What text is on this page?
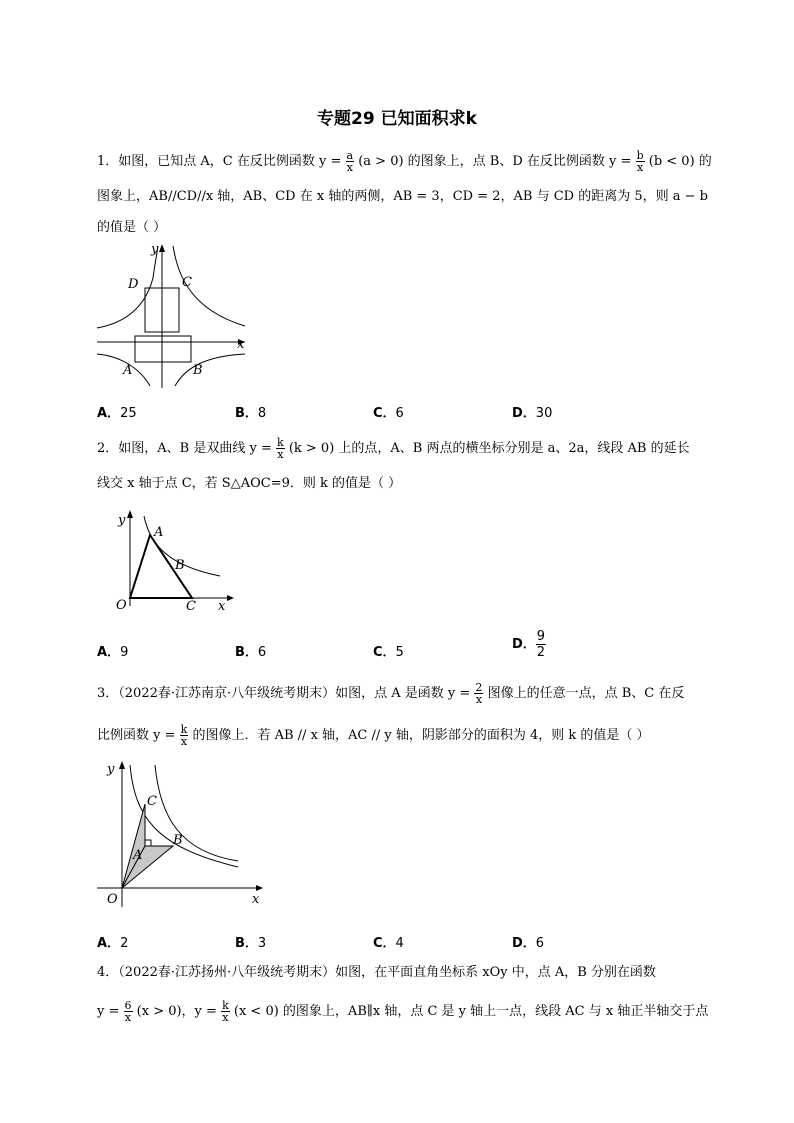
专题29 已知面积求k
1．如图，已知点 A，C 在反比例函数 $y = \frac{a}{x} (a > 0)$ 的图象上，点 B、D 在反比例函数 $y = \frac{b}{x} (b < 0)$ 的
图象上，AB//CD//x 轴，AB、CD 在 x 轴的两侧，AB = 3，CD = 2，AB 与 CD 的距离为 5，则 a − b
的值是（ ）
D	C
A	B
x
y
A．25	B．8	C．6	D．30
2．如图，A、B 是双曲线 $y = \frac{k}{x} (k > 0)$ 上的点，A、B 两点的横坐标分别是 a、2a，线段 AB 的延长
线交 x 轴于点 C，若 S△AOC=9．则 k 的值是（ ）
A
B
O	C x
y
A．9	B．6	C．5
D． $\frac{9}{2}$
3．（2022春·江苏南京·八年级统考期末）如图，点 A 是函数 $y = \frac{2}{x}$ 图像上的任意一点，点 B、C 在反
比例函数 $y = \frac{k}{x}$ 的图像上．若 AB // x 轴，AC // y 轴，阴影部分的面积为 4，则 k 的值是（ ）
C
B
A
O	x
y
A．2	B．3	C．4	D．6
4．（2022春·江苏扬州·八年级统考期末）如图，在平面直角坐标系 xOy 中，点 A，B 分别在函数
$y = \frac{6}{x} (x > 0)$，$y = \frac{k}{x} (x < 0)$ 的图象上，AB∥x 轴，点 C 是 y 轴上一点，线段 AC 与 x 轴正半轴交于点
